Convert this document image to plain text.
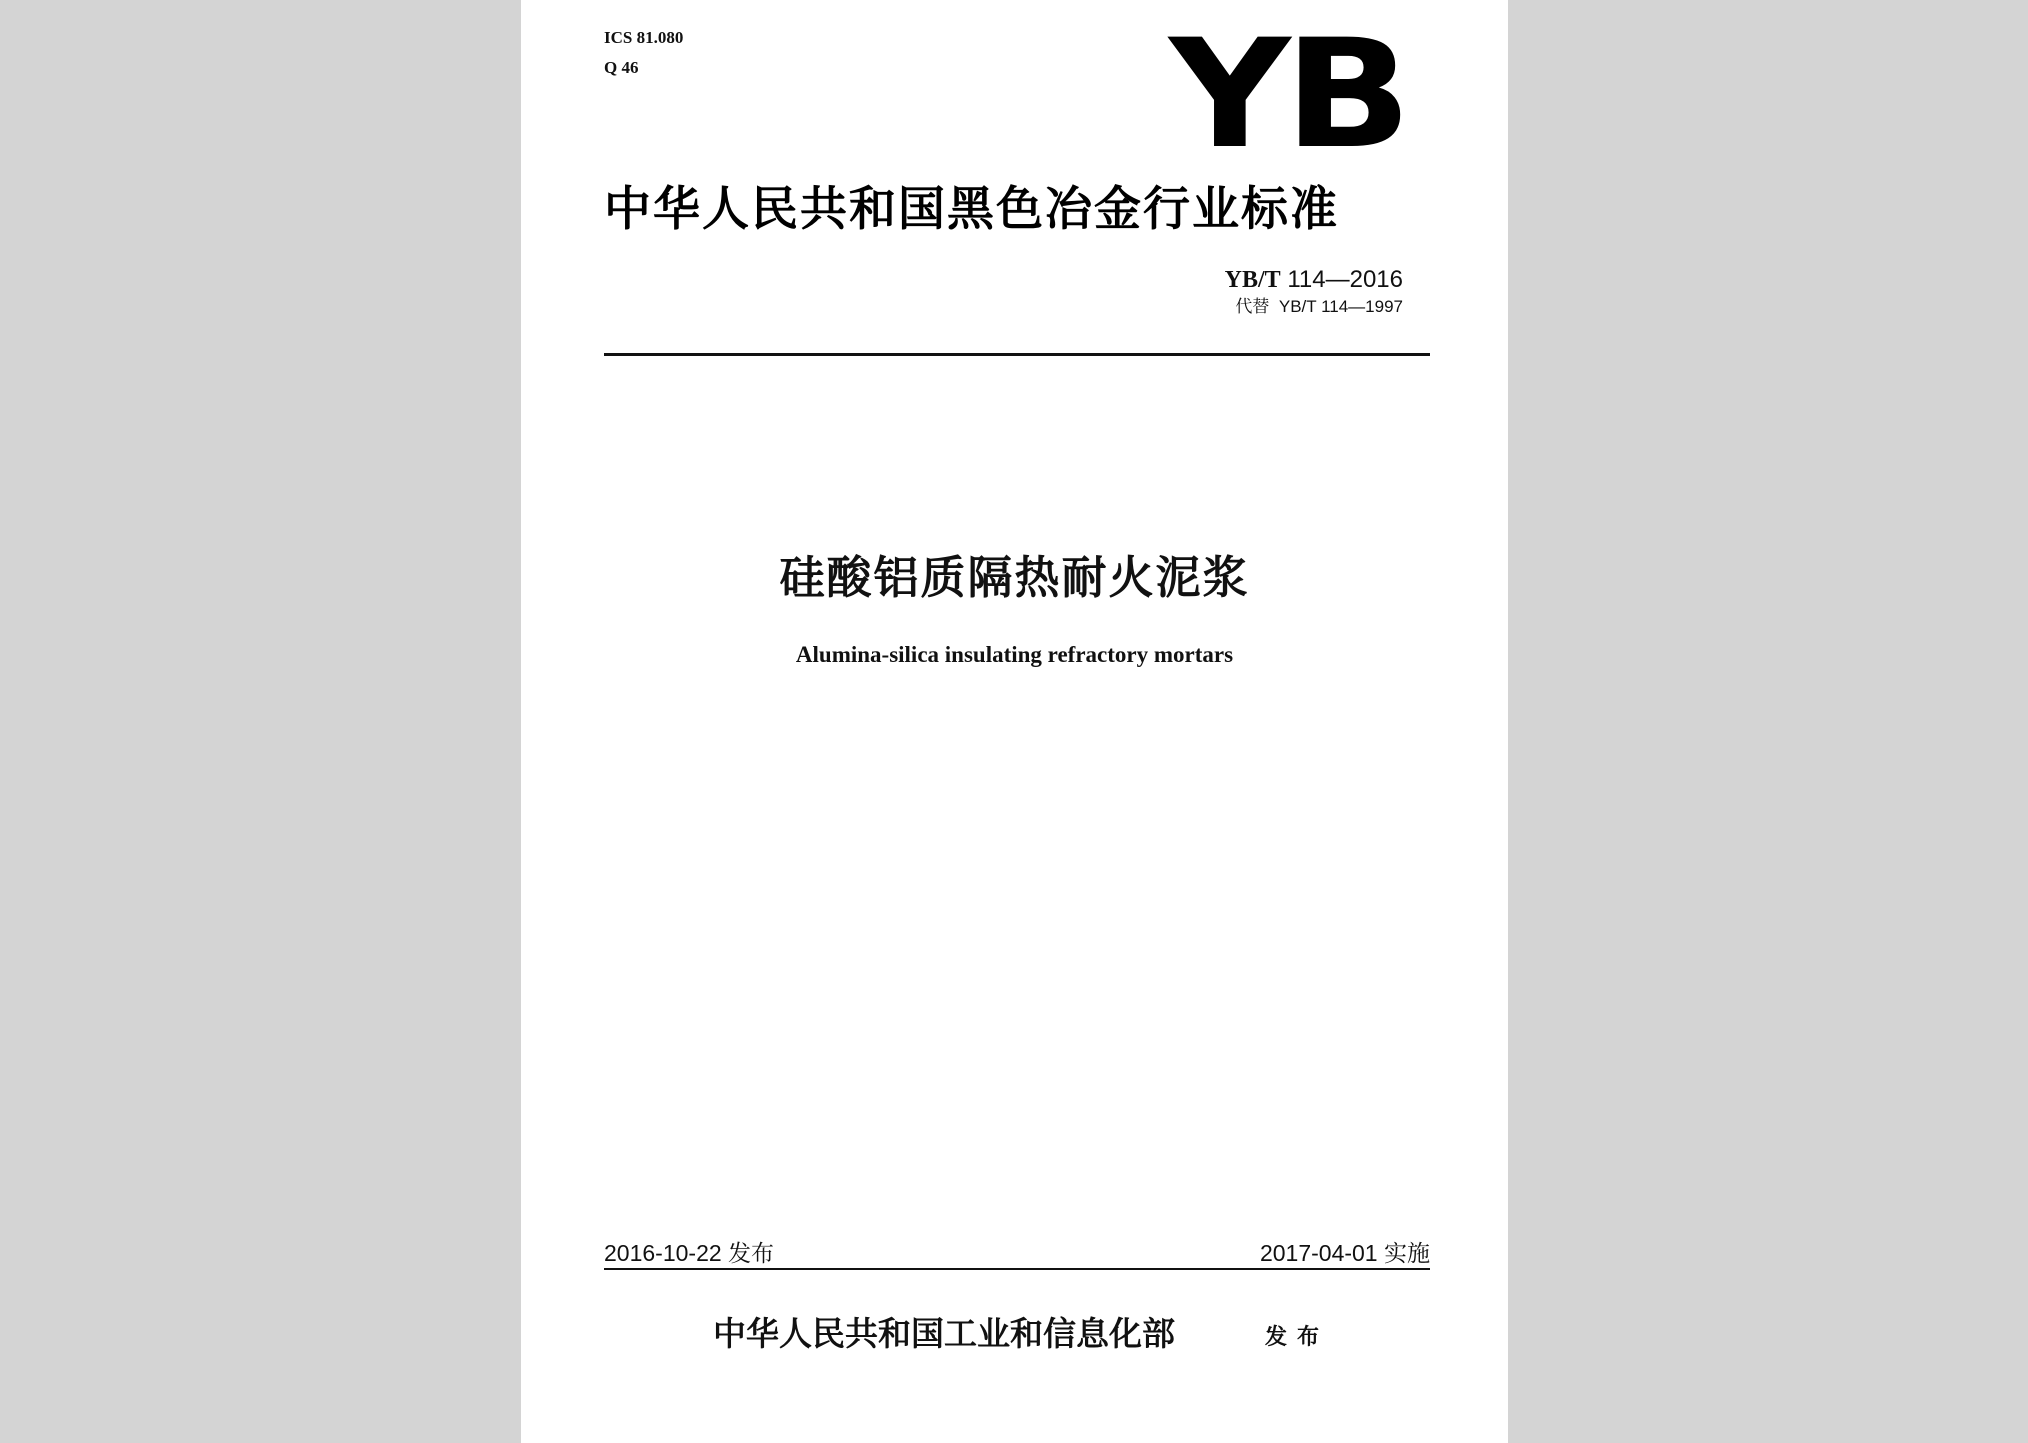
ICS 81.080

Q 46	YB
中华人民共和国黑色冶金行业标准
YB/T 114—2016
代替 YB/T 114—1997
硅酸铝质隔热耐火泥浆
Alumina-silica insulating refractory mortars
2016-10-22 发布	2017-04-01 实施
中华人民共和国工业和信息化部	发布
